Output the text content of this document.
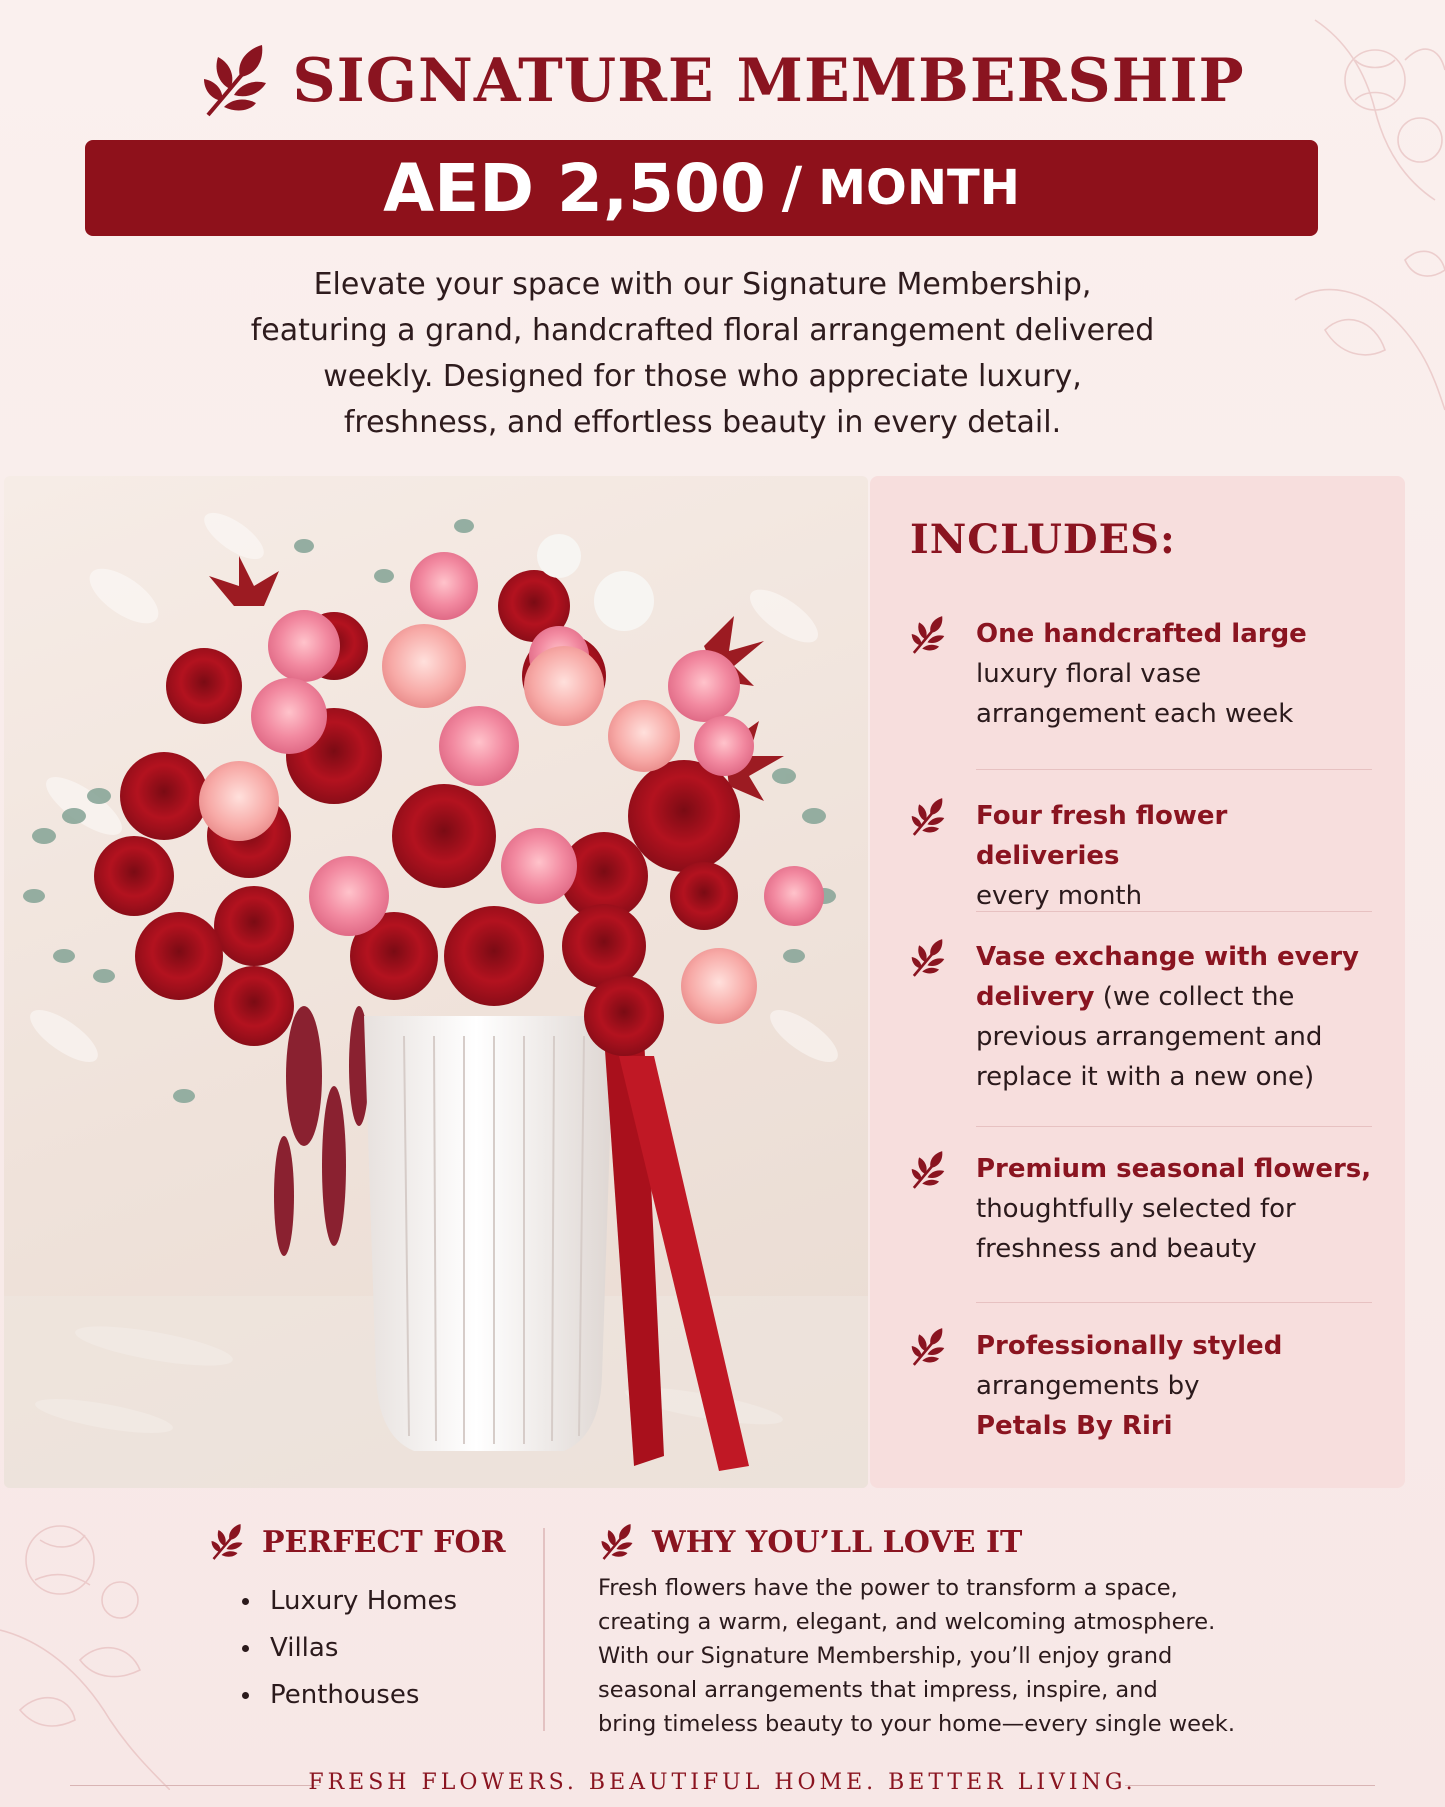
SIGNATURE MEMBERSHIP
AED 2,500 / MONTH
Elevate your space with our Signature Membership,
featuring a grand, handcrafted floral arrangement delivered
weekly. Designed for those who appreciate luxury,
freshness, and effortless beauty in every detail.
INCLUDES:
One handcrafted large
luxury floral vase arrangement each week
Four fresh flower deliveries
every month
Vase exchange with every delivery (we collect the previous arrangement and replace it with a new one)
Premium seasonal flowers,
thoughtfully selected for freshness and beauty
Professionally styled
arrangements by
Petals By Riri
PERFECT FOR
Luxury Homes
Villas
Penthouses
WHY YOU’LL LOVE IT
Fresh flowers have the power to transform a space,
creating a warm, elegant, and welcoming atmosphere.
With our Signature Membership, you’ll enjoy grand
seasonal arrangements that impress, inspire, and
bring timeless beauty to your home—every single week.
FRESH FLOWERS. BEAUTIFUL HOME. BETTER LIVING.
